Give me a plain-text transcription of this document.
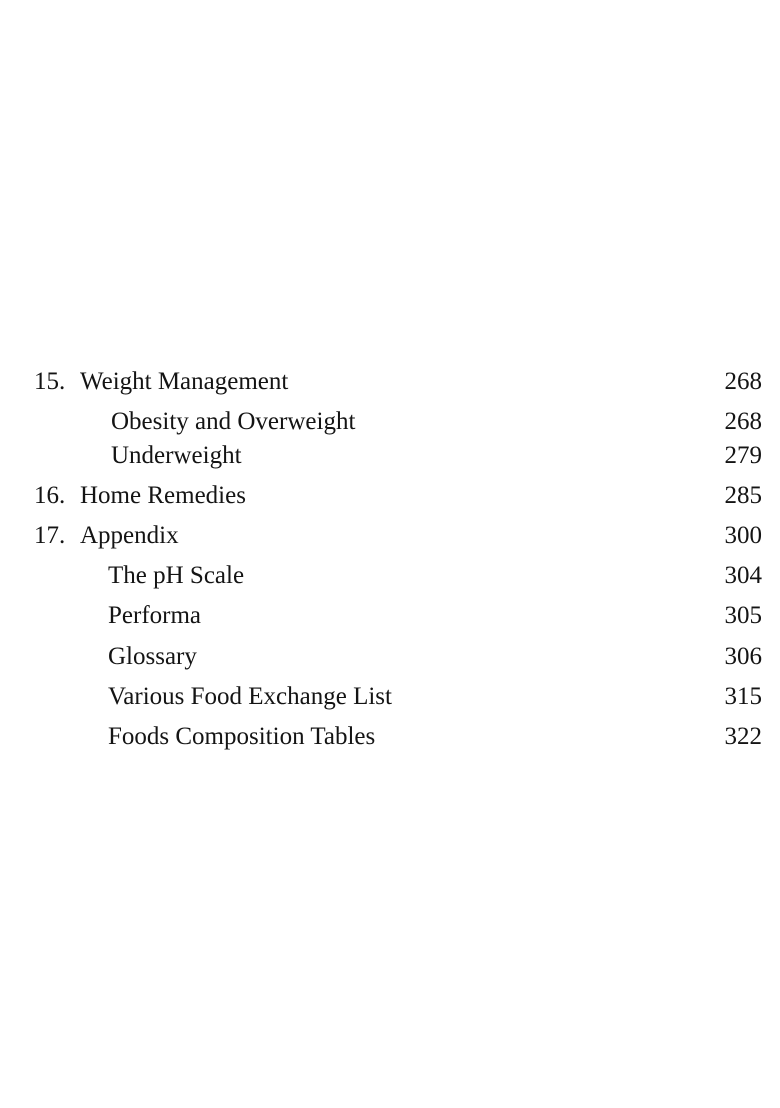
15. Weight Management	268
Obesity and Overweight	268
Underweight	279
16. Home Remedies	285
17. Appendix	300
The pH Scale	304
Performa	305
Glossary	306
Various Food Exchange List	315
Foods Composition Tables	322
